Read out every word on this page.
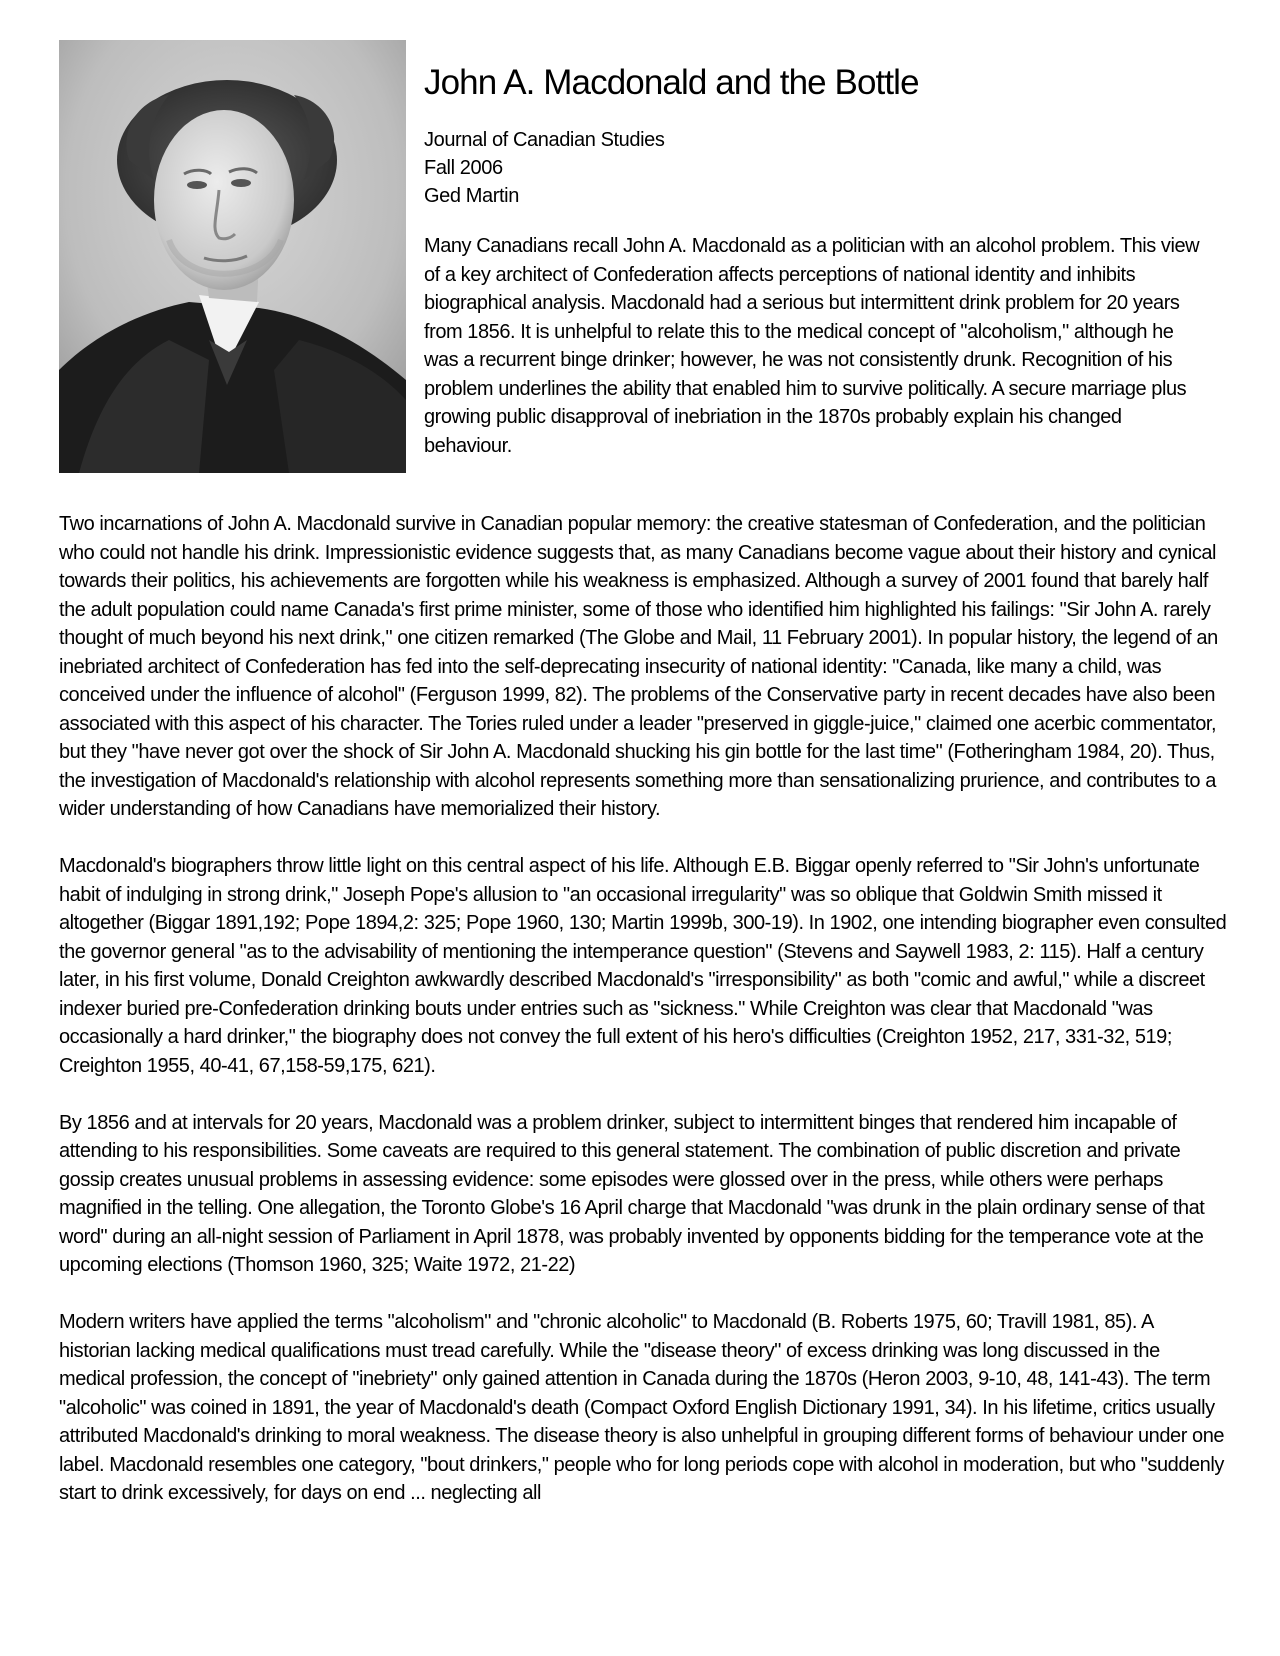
John A. Macdonald and the Bottle

Journal of Canadian Studies

Fall 2006

Ged Martin

Many Canadians recall John A. Macdonald as a politician with an alcohol problem. This view of a key architect of Confederation affects perceptions of national identity and inhibits biographical analysis. Macdonald had a serious but intermittent drink problem for 20 years from 1856. It is unhelpful to relate this to the medical concept of "alcoholism," although he was a recurrent binge drinker; however, he was not consistently drunk. Recognition of his problem underlines the ability that enabled him to survive politically. A secure marriage plus growing public disapproval of inebriation in the 1870s probably explain his changed behaviour.

Two incarnations of John A. Macdonald survive in Canadian popular memory: the creative statesman of Confederation, and the politician who could not handle his drink. Impressionistic evidence suggests that, as many Canadians become vague about their history and cynical towards their politics, his achievements are forgotten while his weakness is emphasized. Although a survey of 2001 found that barely half the adult population could name Canada's first prime minister, some of those who identified him highlighted his failings: "Sir John A. rarely thought of much beyond his next drink," one citizen remarked (The Globe and Mail, 11 February 2001). In popular history, the legend of an inebriated architect of Confederation has fed into the self-deprecating insecurity of national identity: "Canada, like many a child, was conceived under the influence of alcohol" (Ferguson 1999, 82). The problems of the Conservative party in recent decades have also been associated with this aspect of his character. The Tories ruled under a leader "preserved in giggle-juice," claimed one acerbic commentator, but they "have never got over the shock of Sir John A. Macdonald shucking his gin bottle for the last time" (Fotheringham 1984, 20). Thus, the investigation of Macdonald's relationship with alcohol represents something more than sensationalizing prurience, and contributes to a wider understanding of how Canadians have memorialized their history.

Macdonald's biographers throw little light on this central aspect of his life. Although E.B. Biggar openly referred to "Sir John's unfortunate habit of indulging in strong drink," Joseph Pope's allusion to "an occasional irregularity" was so oblique that Goldwin Smith missed it altogether (Biggar 1891,192; Pope 1894,2: 325; Pope 1960, 130; Martin 1999b, 300-19). In 1902, one intending biographer even consulted the governor general "as to the advisability of mentioning the intemperance question" (Stevens and Saywell 1983, 2: 115). Half a century later, in his first volume, Donald Creighton awkwardly described Macdonald's "irresponsibility" as both "comic and awful," while a discreet indexer buried pre-Confederation drinking bouts under entries such as "sickness." While Creighton was clear that Macdonald "was occasionally a hard drinker," the biography does not convey the full extent of his hero's difficulties (Creighton 1952, 217, 331-32, 519; Creighton 1955, 40-41, 67,158-59,175, 621).

By 1856 and at intervals for 20 years, Macdonald was a problem drinker, subject to intermittent binges that rendered him incapable of attending to his responsibilities. Some caveats are required to this general statement. The combination of public discretion and private gossip creates unusual problems in assessing evidence: some episodes were glossed over in the press, while others were perhaps magnified in the telling. One allegation, the Toronto Globe's 16 April charge that Macdonald "was drunk in the plain ordinary sense of that word" during an all-night session of Parliament in April 1878, was probably invented by opponents bidding for the temperance vote at the upcoming elections (Thomson 1960, 325; Waite 1972, 21-22)

Modern writers have applied the terms "alcoholism" and "chronic alcoholic" to Macdonald (B. Roberts 1975, 60; Travill 1981, 85). A historian lacking medical qualifications must tread carefully. While the "disease theory" of excess drinking was long discussed in the medical profession, the concept of "inebriety" only gained attention in Canada during the 1870s (Heron 2003, 9-10, 48, 141-43). The term "alcoholic" was coined in 1891, the year of Macdonald's death (Compact Oxford English Dictionary 1991, 34). In his lifetime, critics usually attributed Macdonald's drinking to moral weakness. The disease theory is also unhelpful in grouping different forms of behaviour under one label. Macdonald resembles one category, "bout drinkers," people who for long periods cope with alcohol in moderation, but who "suddenly start to drink excessively, for days on end ... neglecting all
